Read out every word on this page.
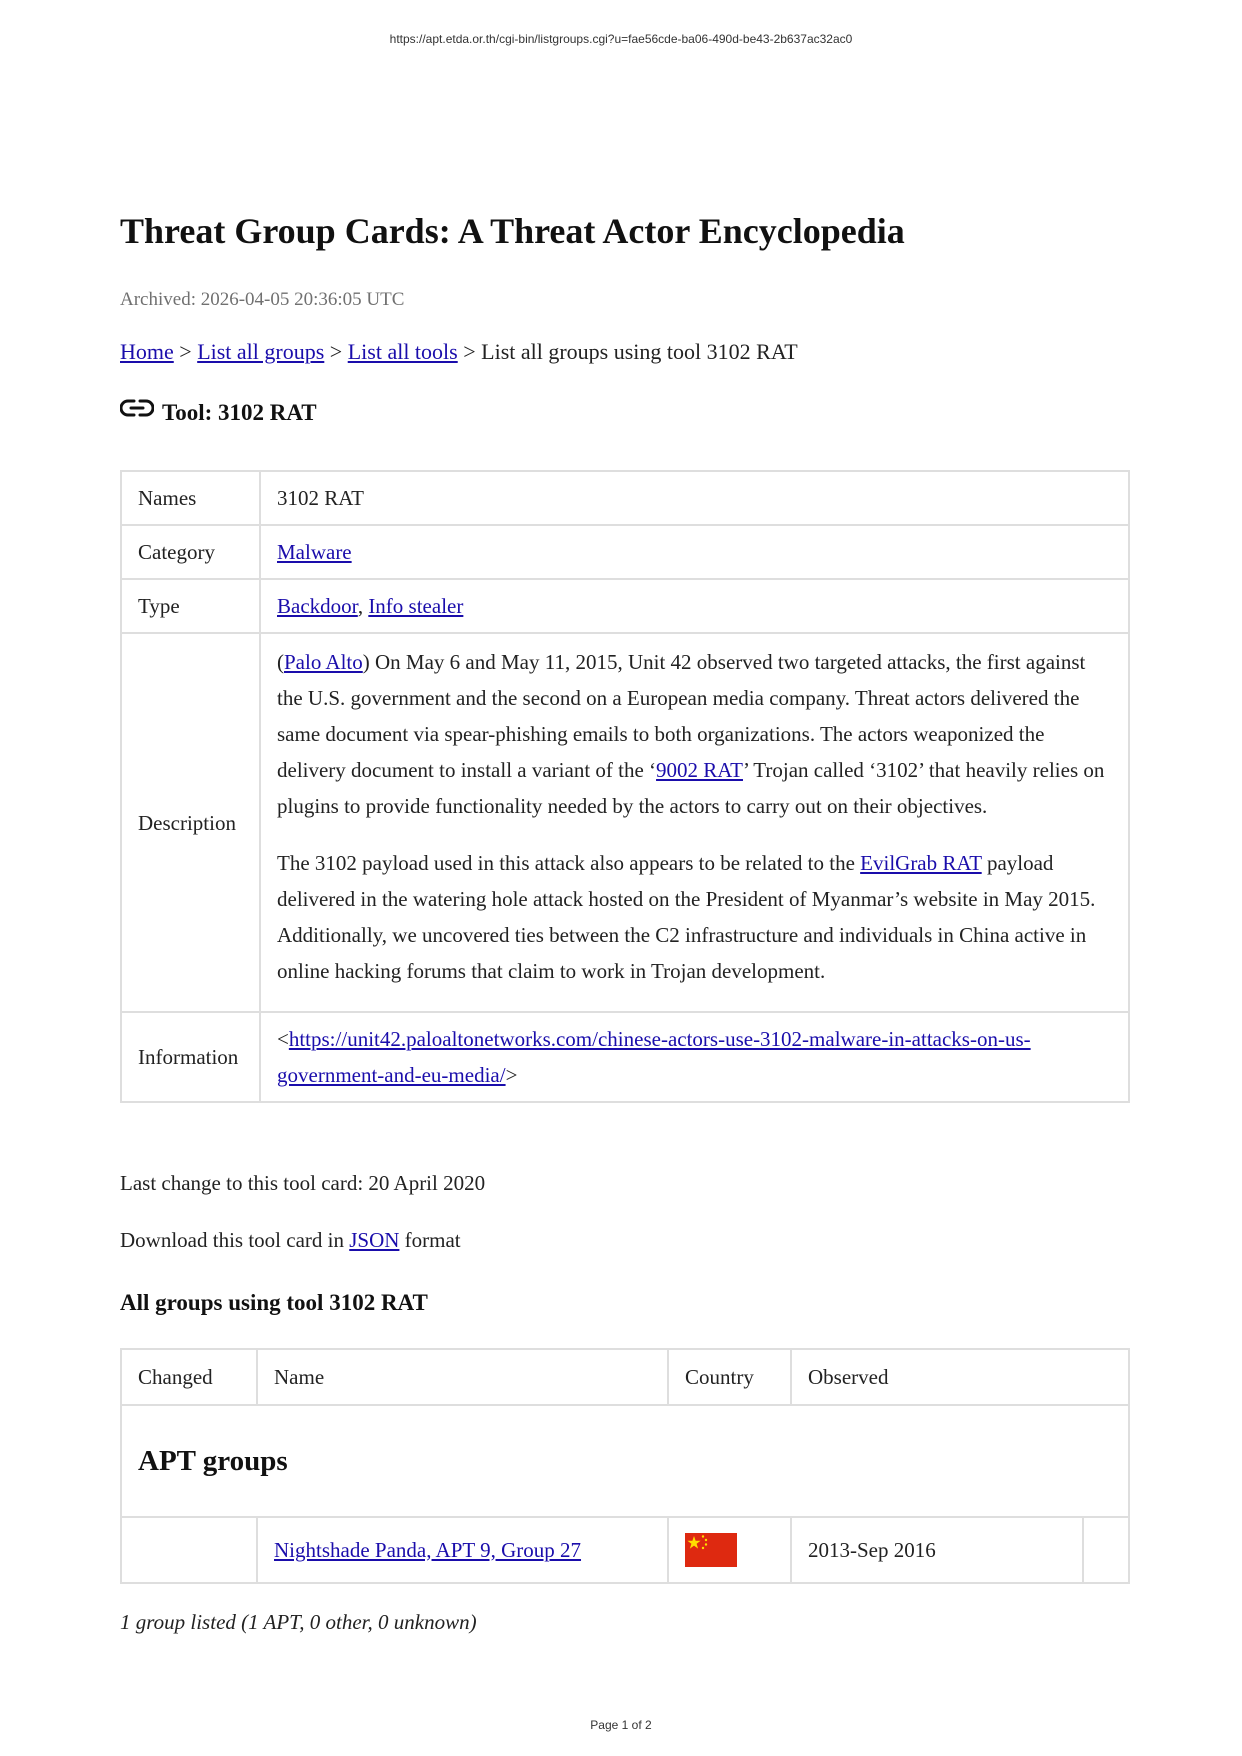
https://apt.etda.or.th/cgi-bin/listgroups.cgi?u=fae56cde-ba06-490d-be43-2b637ac32ac0
Threat Group Cards: A Threat Actor Encyclopedia
Archived: 2026-04-05 20:36:05 UTC
Home > List all groups > List all tools > List all groups using tool 3102 RAT
Tool: 3102 RAT
Names	3102 RAT
Category	Malware
Type	Backdoor, Info stealer
Description	(Palo Alto) On May 6 and May 11, 2015, Unit 42 observed two targeted attacks, the first against the U.S. government and the second on a European media company. Threat actors delivered the same document via spear-phishing emails to both organizations. The actors weaponized the delivery document to install a variant of the ‘9002 RAT’ Trojan called ‘3102’ that heavily relies on plugins to provide functionality needed by the actors to carry out on their objectives.

The 3102 payload used in this attack also appears to be related to the EvilGrab RAT payload delivered in the watering hole attack hosted on the President of Myanmar’s website in May 2015. Additionally, we uncovered ties between the C2 infrastructure and individuals in China active in online hacking forums that claim to work in Trojan development.

Information	<https://unit42.paloaltonetworks.com/chinese-actors-use-3102-malware-in-attacks-on-us-government-and-eu-media/>
Last change to this tool card: 20 April 2020
Download this tool card in JSON format
All groups using tool 3102 RAT
Changed	Name	Country	Observed	
APT groups				
	Nightshade Panda, APT 9, Group 27		2013-Sep 2016	
1 group listed (1 APT, 0 other, 0 unknown)
Page 1 of 2
